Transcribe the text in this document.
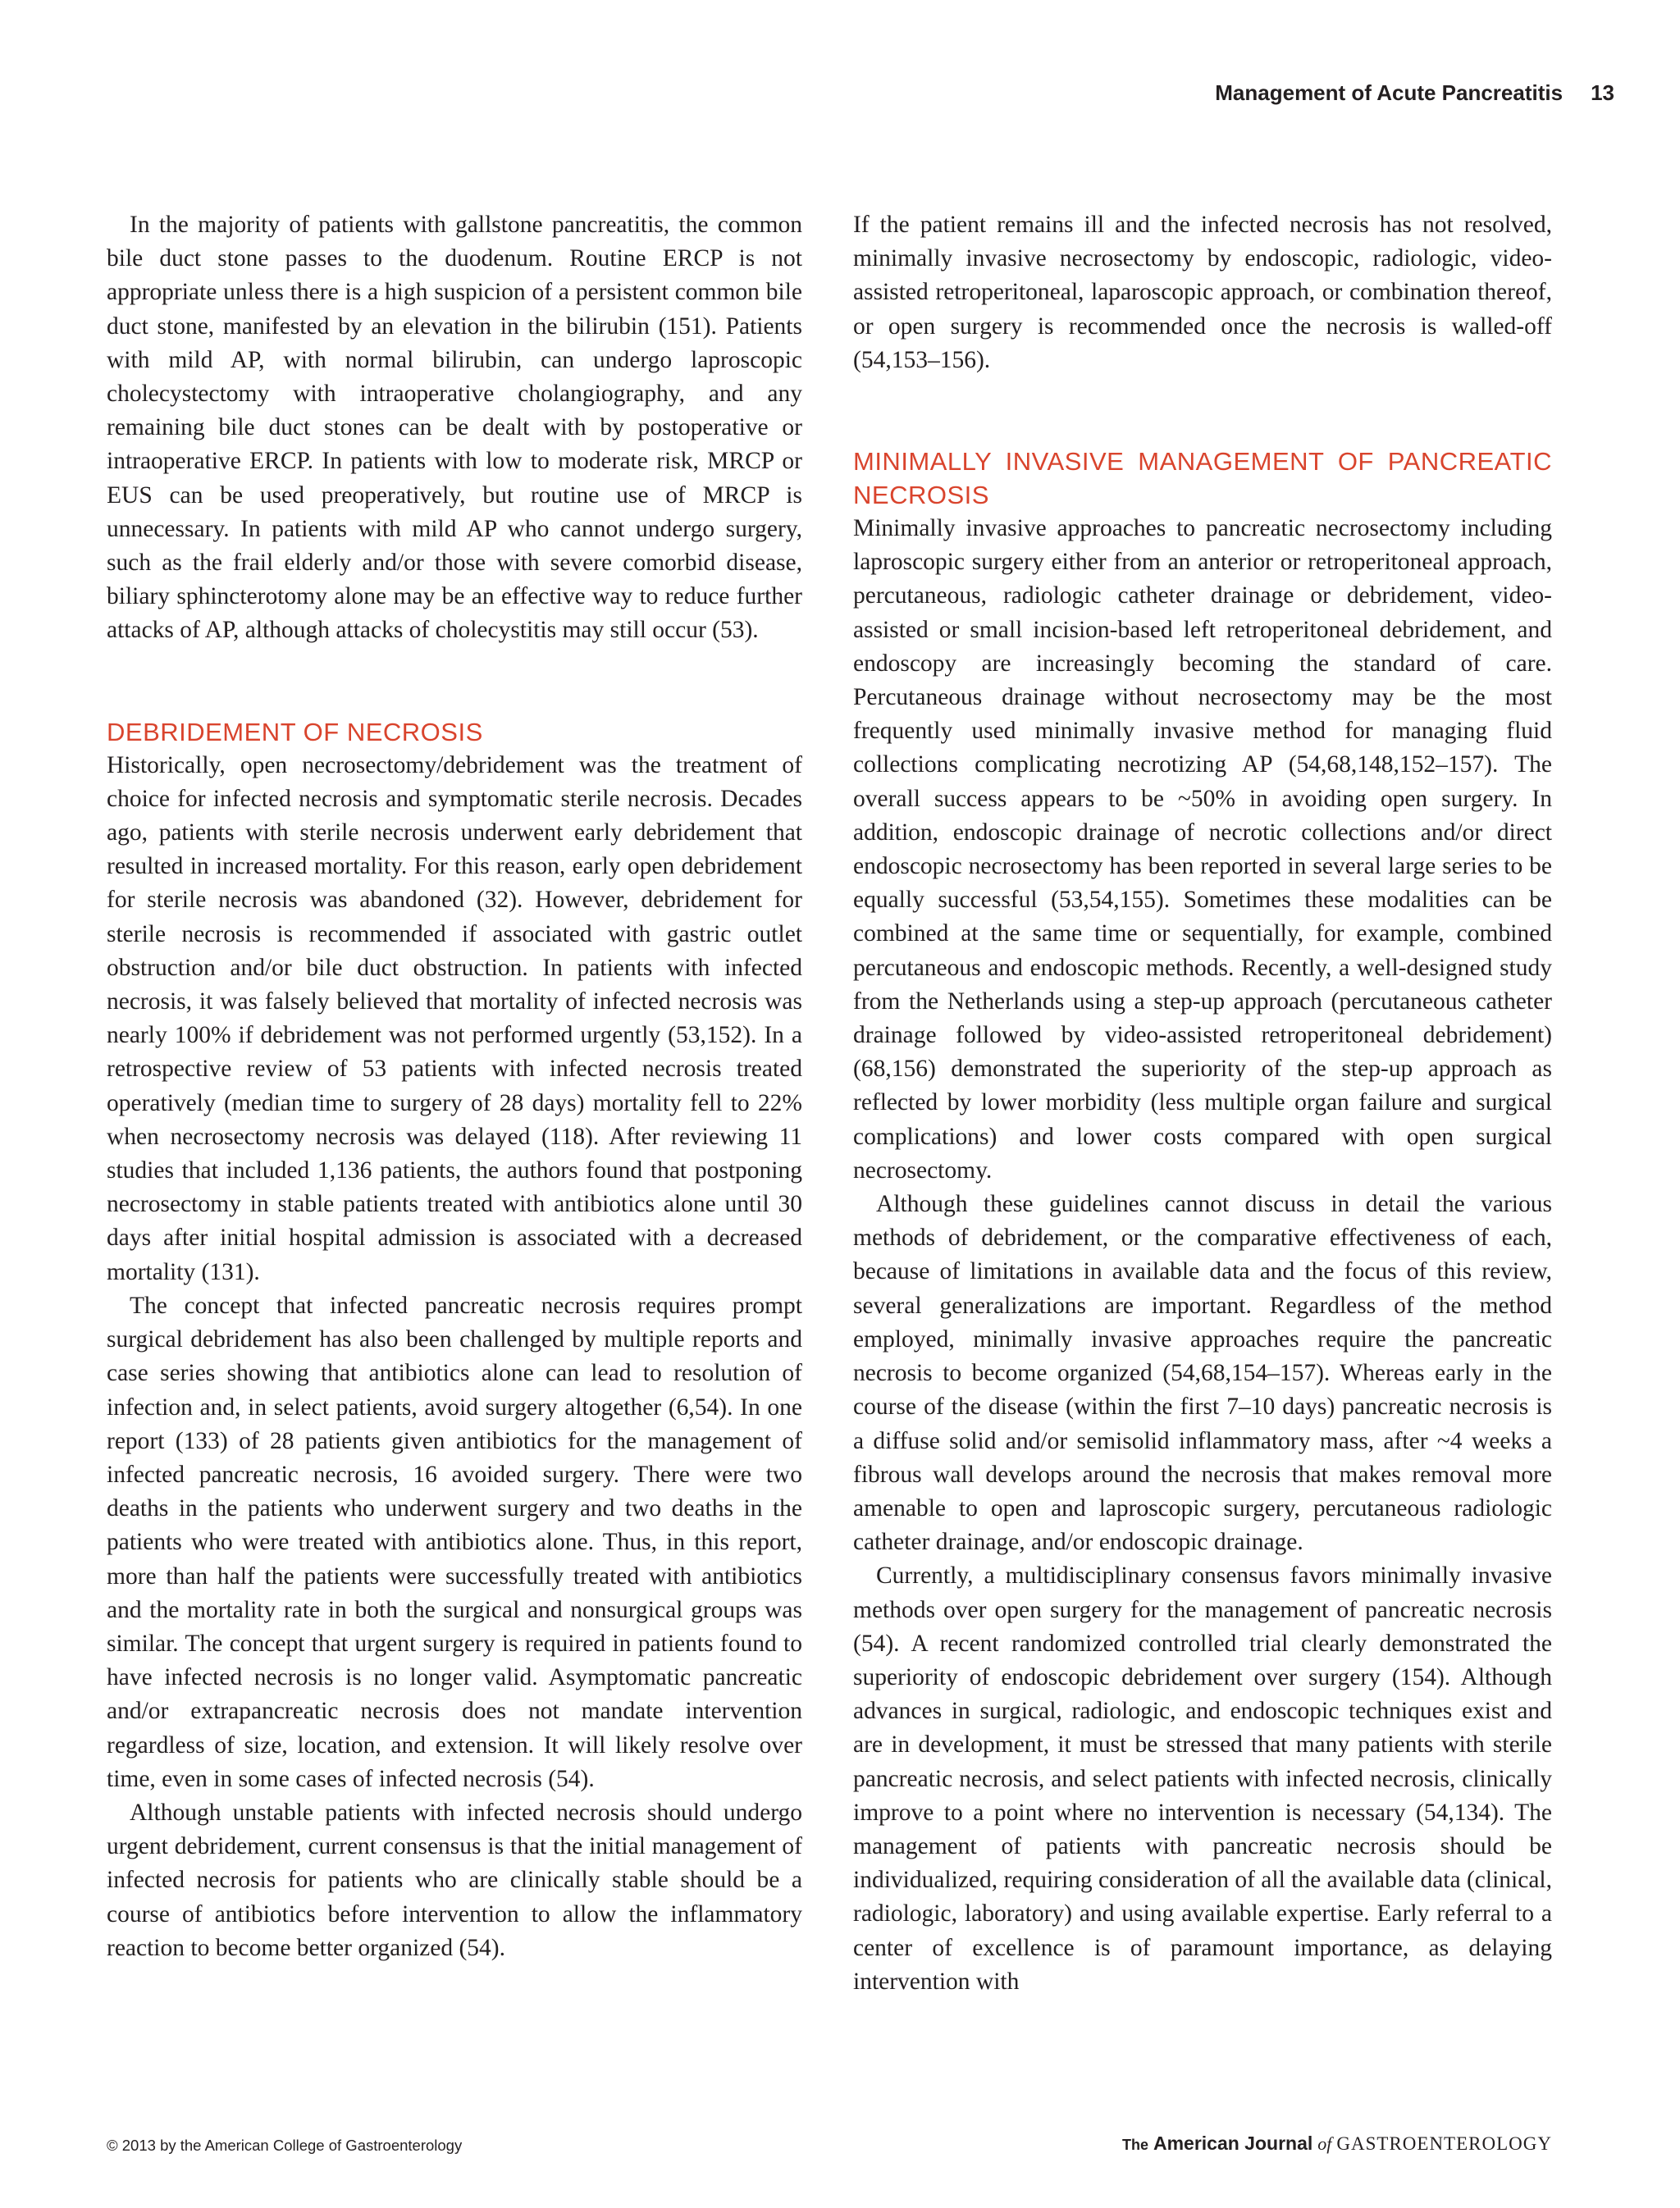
Management of Acute Pancreatitis 13

In the majority of patients with gallstone pancreatitis, the common bile duct stone passes to the duodenum. Routine ERCP is not appropriate unless there is a high suspicion of a persistent common bile duct stone, manifested by an elevation in the bilirubin (151). Patients with mild AP, with normal bilirubin, can undergo laproscopic cholecystectomy with intraoperative cholangiography, and any remaining bile duct stones can be dealt with by postoperative or intraoperative ERCP. In patients with low to moderate risk, MRCP or EUS can be used preoperatively, but routine use of MRCP is unnecessary. In patients with mild AP who cannot undergo surgery, such as the frail elderly and/or those with severe comorbid disease, biliary sphincterotomy alone may be an effective way to reduce further attacks of AP, although attacks of cholecystitis may still occur (53).

DEBRIDEMENT OF NECROSIS

Historically, open necrosectomy/debridement was the treatment of choice for infected necrosis and symptomatic sterile necrosis. Decades ago, patients with sterile necrosis underwent early debridement that resulted in increased mortality. For this reason, early open debridement for sterile necrosis was abandoned (32). However, debridement for sterile necrosis is recommended if associated with gastric outlet obstruction and/or bile duct obstruction. In patients with infected necrosis, it was falsely believed that mortality of infected necrosis was nearly 100% if debridement was not performed urgently (53,152). In a retrospective review of 53 patients with infected necrosis treated operatively (median time to surgery of 28 days) mortality fell to 22% when necrosectomy necrosis was delayed (118). After reviewing 11 studies that included 1,136 patients, the authors found that postponing necrosectomy in stable patients treated with antibiotics alone until 30 days after initial hospital admission is associated with a decreased mortality (131).

The concept that infected pancreatic necrosis requires prompt surgical debridement has also been challenged by multiple reports and case series showing that antibiotics alone can lead to resolution of infection and, in select patients, avoid surgery altogether (6,54). In one report (133) of 28 patients given antibiotics for the management of infected pancreatic necrosis, 16 avoided surgery. There were two deaths in the patients who underwent surgery and two deaths in the patients who were treated with antibiotics alone. Thus, in this report, more than half the patients were successfully treated with antibiotics and the mortality rate in both the surgical and nonsurgical groups was similar. The concept that urgent surgery is required in patients found to have infected necrosis is no longer valid. Asymptomatic pancreatic and/or extrapancreatic necrosis does not mandate intervention regardless of size, location, and extension. It will likely resolve over time, even in some cases of infected necrosis (54).

Although unstable patients with infected necrosis should undergo urgent debridement, current consensus is that the initial management of infected necrosis for patients who are clinically stable should be a course of antibiotics before intervention to allow the inflammatory reaction to become better organized (54).

If the patient remains ill and the infected necrosis has not resolved, minimally invasive necrosectomy by endoscopic, radiologic, video-assisted retroperitoneal, laparoscopic approach, or combination thereof, or open surgery is recommended once the necrosis is walled-off (54,153–156).

MINIMALLY INVASIVE MANAGEMENT OF PANCREATIC NECROSIS

Minimally invasive approaches to pancreatic necrosectomy including laproscopic surgery either from an anterior or retroperitoneal approach, percutaneous, radiologic catheter drainage or debridement, video-assisted or small incision-based left retroperitoneal debridement, and endoscopy are increasingly becoming the standard of care. Percutaneous drainage without necrosectomy may be the most frequently used minimally invasive method for managing fluid collections complicating necrotizing AP (54,68,148,152–157). The overall success appears to be ~50% in avoiding open surgery. In addition, endoscopic drainage of necrotic collections and/or direct endoscopic necrosectomy has been reported in several large series to be equally successful (53,54,155). Sometimes these modalities can be combined at the same time or sequentially, for example, combined percutaneous and endoscopic methods. Recently, a well-designed study from the Netherlands using a step-up approach (percutaneous catheter drainage followed by video-assisted retroperitoneal debridement) (68,156) demonstrated the superiority of the step-up approach as reflected by lower morbidity (less multiple organ failure and surgical complications) and lower costs compared with open surgical necrosectomy.

Although these guidelines cannot discuss in detail the various methods of debridement, or the comparative effectiveness of each, because of limitations in available data and the focus of this review, several generalizations are important. Regardless of the method employed, minimally invasive approaches require the pancreatic necrosis to become organized (54,68,154–157). Whereas early in the course of the disease (within the first 7–10 days) pancreatic necrosis is a diffuse solid and/or semisolid inflammatory mass, after ~4 weeks a fibrous wall develops around the necrosis that makes removal more amenable to open and laproscopic surgery, percutaneous radiologic catheter drainage, and/or endoscopic drainage.

Currently, a multidisciplinary consensus favors minimally invasive methods over open surgery for the management of pancreatic necrosis (54). A recent randomized controlled trial clearly demonstrated the superiority of endoscopic debridement over surgery (154). Although advances in surgical, radiologic, and endoscopic techniques exist and are in development, it must be stressed that many patients with sterile pancreatic necrosis, and select patients with infected necrosis, clinically improve to a point where no intervention is necessary (54,134). The management of patients with pancreatic necrosis should be individualized, requiring consideration of all the available data (clinical, radiologic, laboratory) and using available expertise. Early referral to a center of excellence is of paramount importance, as delaying intervention with

© 2013 by the American College of Gastroenterology	The American Journal of GASTROENTEROLOGY
